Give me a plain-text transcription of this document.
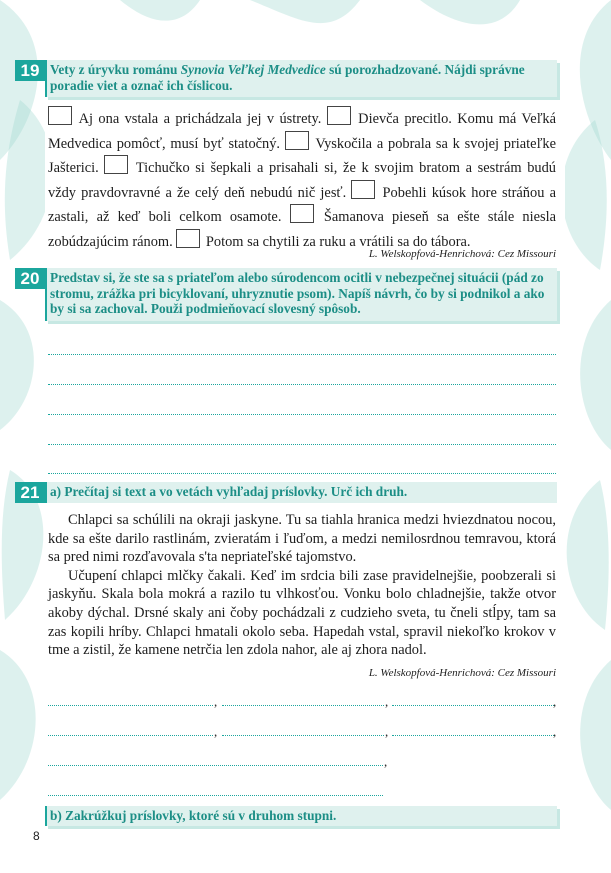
19 Vety z úryvku románu Synovia Veľkej Medvedice sú porozhadzované. Nájdi správne poradie viet a označ ich číslicou.
Aj ona vstala a prichádzala jej v ústrety.	Dievča precitlo. Komu má Veľká Medvedica pomôcť, musí byť statočný. Vyskočila a pobrala sa k svojej priateľke Jašterici.	Tichučko si šepkali a prisahali si, že k svojim bratom a sestrám budú vždy pravdovravné a že celý deň nebudú nič jesť.	Pobehli kúsok hore stráňou a zastali, až keď boli celkom osamote.	Šamanova pieseň sa ešte stále niesla zobúdzajúcim ránom. Potom sa chytili za ruku a vrátili sa do tábora.
L. Welskopfová-Henrichová: Cez Missouri
20 Predstav si, že ste sa s priateľom alebo súrodencom ocitli v nebezpečnej situácii (pád zo stromu, zrážka pri bicyklovaní, uhryznutie psom). Napíš návrh, čo by si podnikol a ako by si sa zachoval. Použi podmieňovací slovesný spôsob.
21 a) Prečítaj si text a vo vetách vyhľadaj príslovky. Urč ich druh.

Chlapci sa schúlili na okraji jaskyne. Tu sa tiahla hranica medzi hviezdnatou nocou, kde sa ešte darilo rastlinám, zvieratám i ľuďom, a medzi nemilosrdnou temravou, ktorá sa pred nimi rozďavovala s'ta nepriateľské tajomstvo.

Učupení chlapci mlčky čakali. Keď im srdcia bili zase pravidelnejšie, poobzerali si jaskyňu. Skala bola mokrá a razilo tu vlhkosťou. Vonku bolo chladnejšie, takže otvor akoby dýchal. Drsné skaly ani čoby pochádzali z cudzieho sveta, tu čneli stĺpy, tam sa zas kopili hríby. Chlapci hmatali okolo seba. Hapedah vstal, spravil niekoľko krokov v tme a zistil, že kamene netrčia len zdola nahor, ale aj zhora nadol.

L. Welskopfová-Henrichová: Cez Missouri
,	,	,
,	,	,
,
b) Zakrúžkuj príslovky, ktoré sú v druhom stupni.
8
